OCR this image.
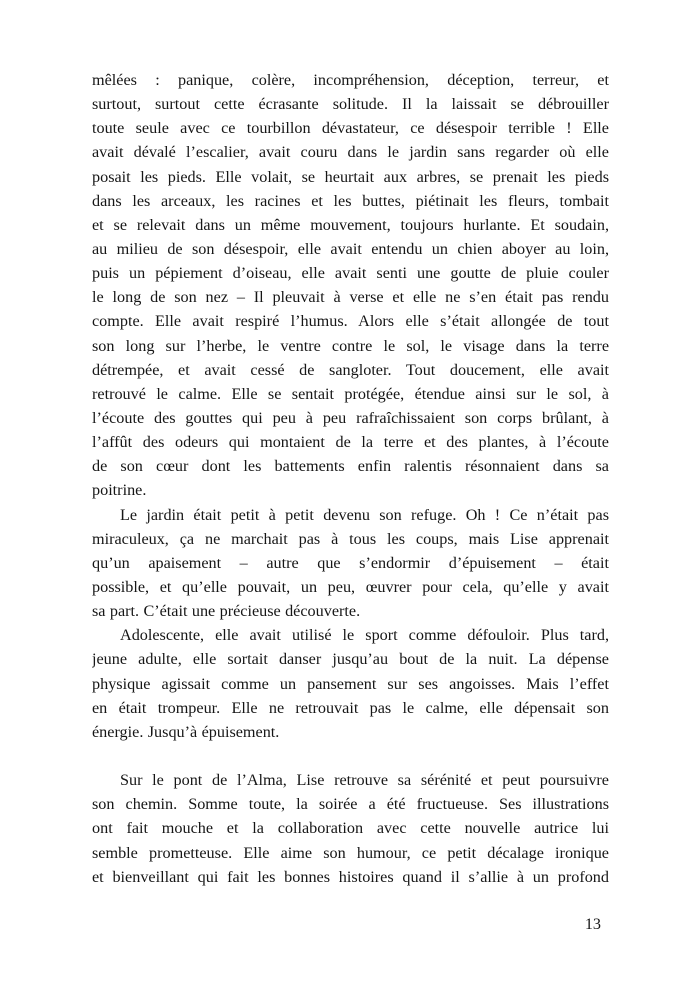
mêlées : panique, colère, incompréhension, déception, terreur, et
surtout, surtout cette écrasante solitude. Il la laissait se débrouiller
toute seule avec ce tourbillon dévastateur, ce désespoir terrible ! Elle
avait dévalé l’escalier, avait couru dans le jardin sans regarder où elle
posait les pieds. Elle volait, se heurtait aux arbres, se prenait les pieds
dans les arceaux, les racines et les buttes, piétinait les fleurs, tombait
et se relevait dans un même mouvement, toujours hurlante. Et soudain,
au milieu de son désespoir, elle avait entendu un chien aboyer au loin,
puis un pépiement d’oiseau, elle avait senti une goutte de pluie couler
le long de son nez – Il pleuvait à verse et elle ne s’en était pas rendu
compte. Elle avait respiré l’humus. Alors elle s’était allongée de tout
son long sur l’herbe, le ventre contre le sol, le visage dans la terre
détrempée, et avait cessé de sangloter. Tout doucement, elle avait
retrouvé le calme. Elle se sentait protégée, étendue ainsi sur le sol, à
l’écoute des gouttes qui peu à peu rafraîchissaient son corps brûlant, à
l’affût des odeurs qui montaient de la terre et des plantes, à l’écoute
de son cœur dont les battements enfin ralentis résonnaient dans sa
poitrine.
Le jardin était petit à petit devenu son refuge. Oh ! Ce n’était pas
miraculeux, ça ne marchait pas à tous les coups, mais Lise apprenait
qu’un apaisement – autre que s’endormir d’épuisement – était
possible, et qu’elle pouvait, un peu, œuvrer pour cela, qu’elle y avait
sa part. C’était une précieuse découverte.
Adolescente, elle avait utilisé le sport comme défouloir. Plus tard,
jeune adulte, elle sortait danser jusqu’au bout de la nuit. La dépense
physique agissait comme un pansement sur ses angoisses. Mais l’effet
en était trompeur. Elle ne retrouvait pas le calme, elle dépensait son
énergie. Jusqu’à épuisement.
Sur le pont de l’Alma, Lise retrouve sa sérénité et peut poursuivre
son chemin. Somme toute, la soirée a été fructueuse. Ses illustrations
ont fait mouche et la collaboration avec cette nouvelle autrice lui
semble prometteuse. Elle aime son humour, ce petit décalage ironique
et bienveillant qui fait les bonnes histoires quand il s’allie à un profond
13
